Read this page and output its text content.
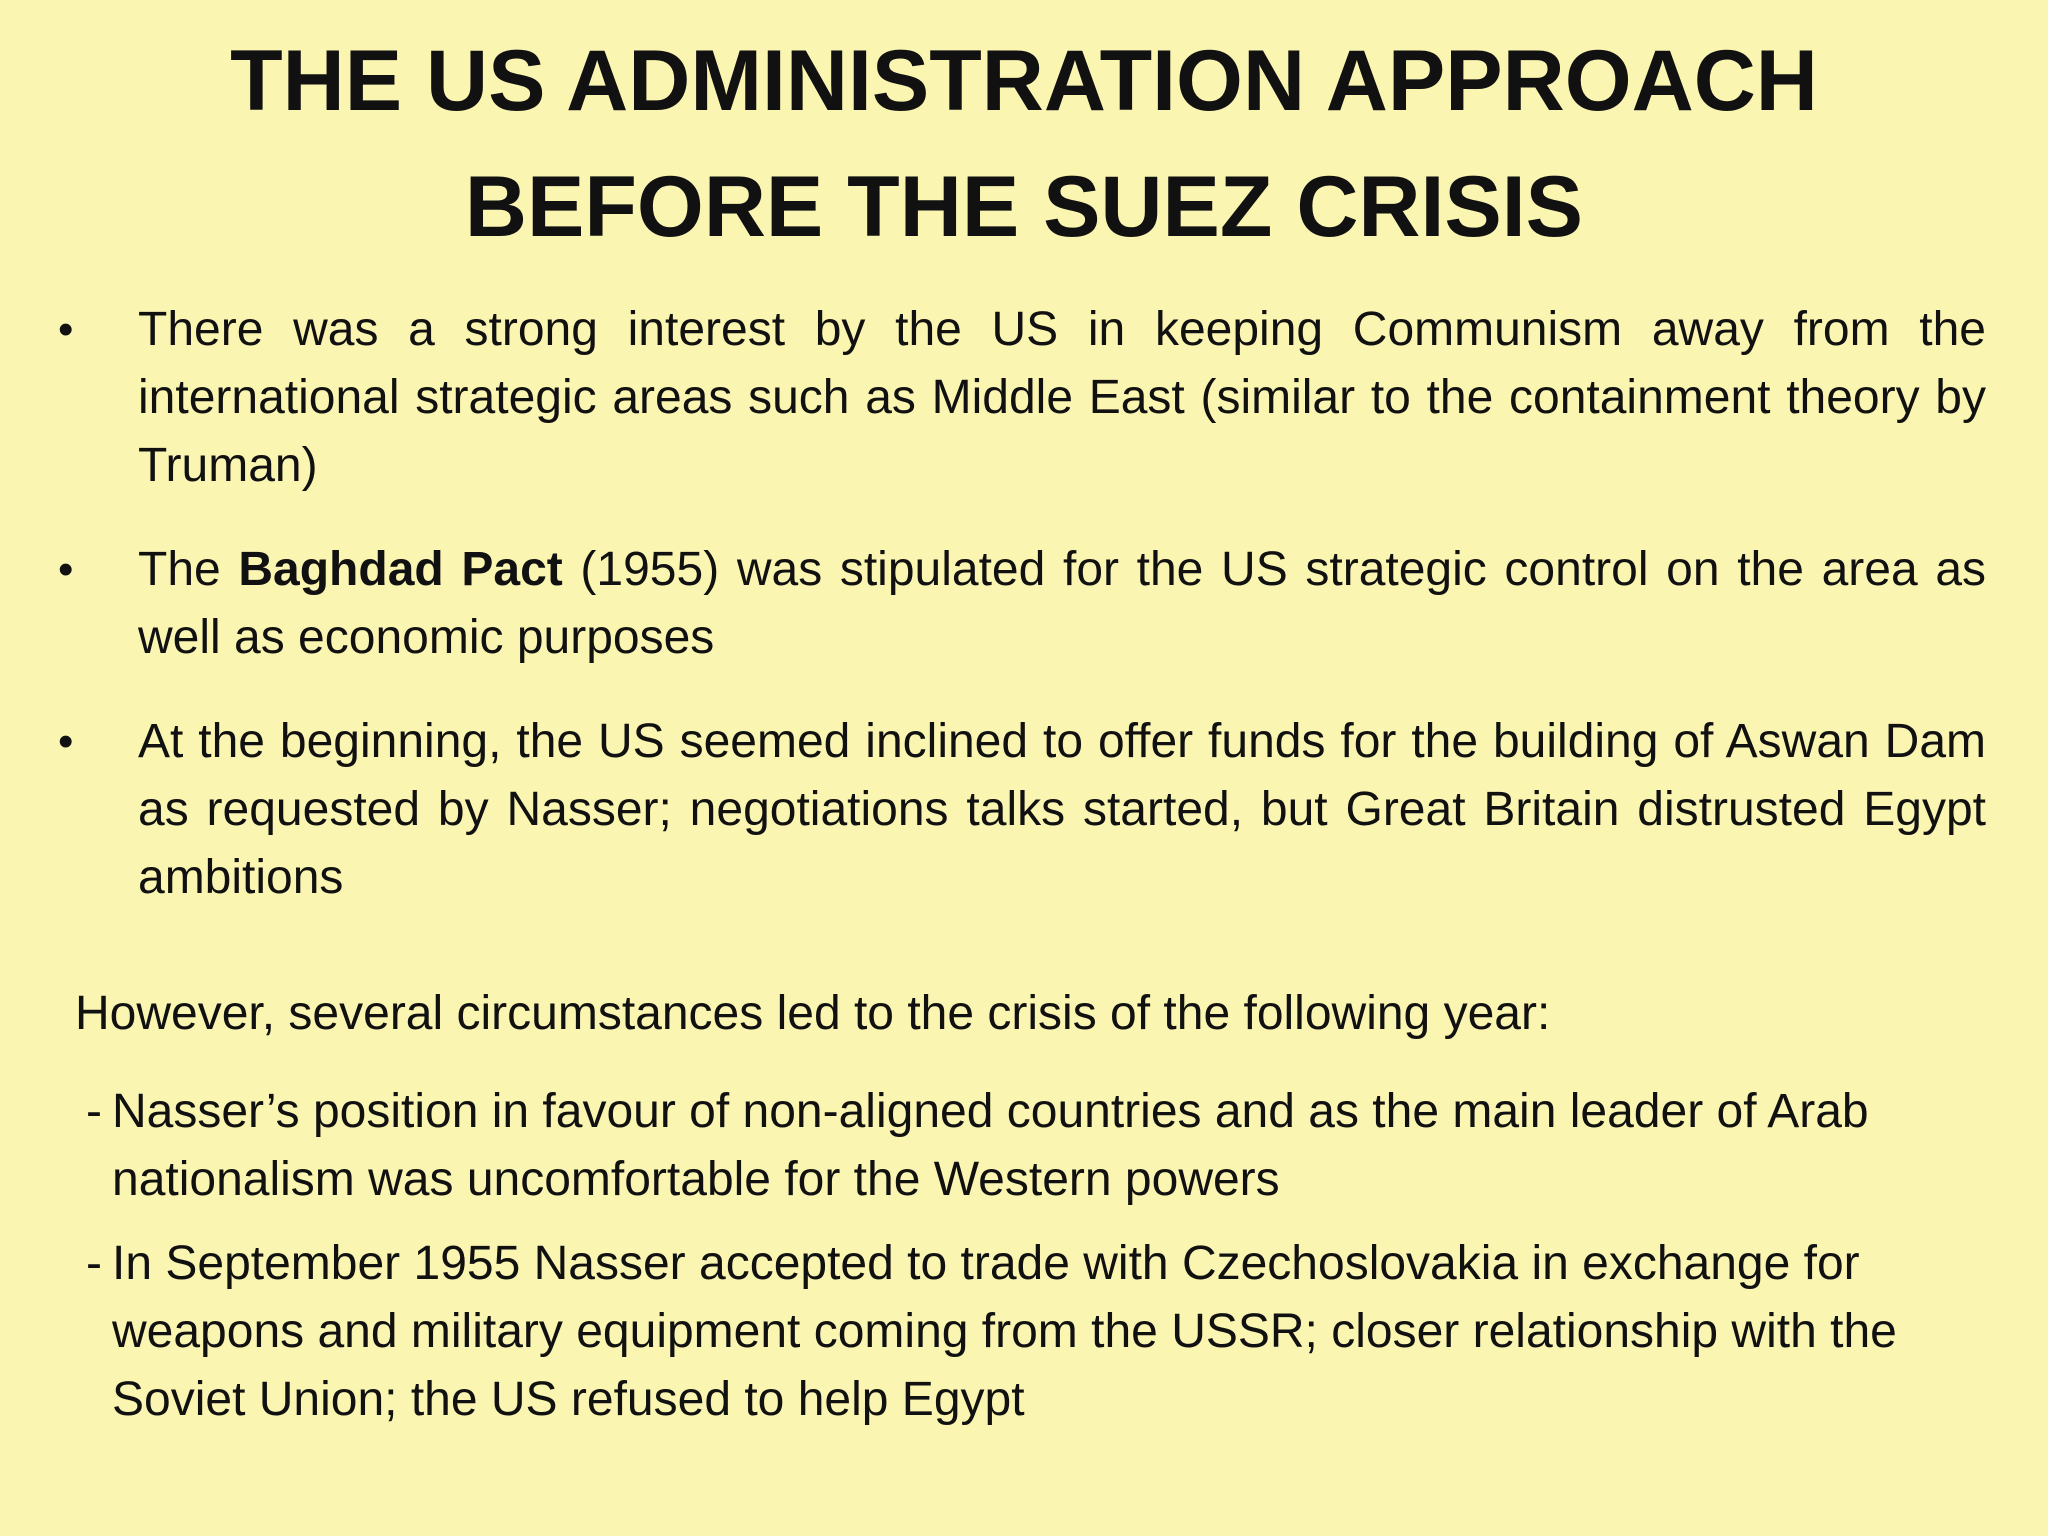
THE US ADMINISTRATION APPROACH
BEFORE THE SUEZ CRISIS
• There was a strong interest by the US in keeping Communism away from the international strategic areas such as Middle East (similar to the containment theory by Truman)
• The Baghdad Pact (1955) was stipulated for the US strategic control on the area as well as economic purposes
• At the beginning, the US seemed inclined to offer funds for the building of Aswan Dam as requested by Nasser; negotiations talks started, but Great Britain distrusted Egypt ambitions

However, several circumstances led to the crisis of the following year:

- Nasser’s position in favour of non-aligned countries and as the main leader of Arab nationalism was uncomfortable for the Western powers
- In September 1955 Nasser accepted to trade with Czechoslovakia in exchange for weapons and military equipment coming from the USSR; closer relationship with the Soviet Union; the US refused to help Egypt
